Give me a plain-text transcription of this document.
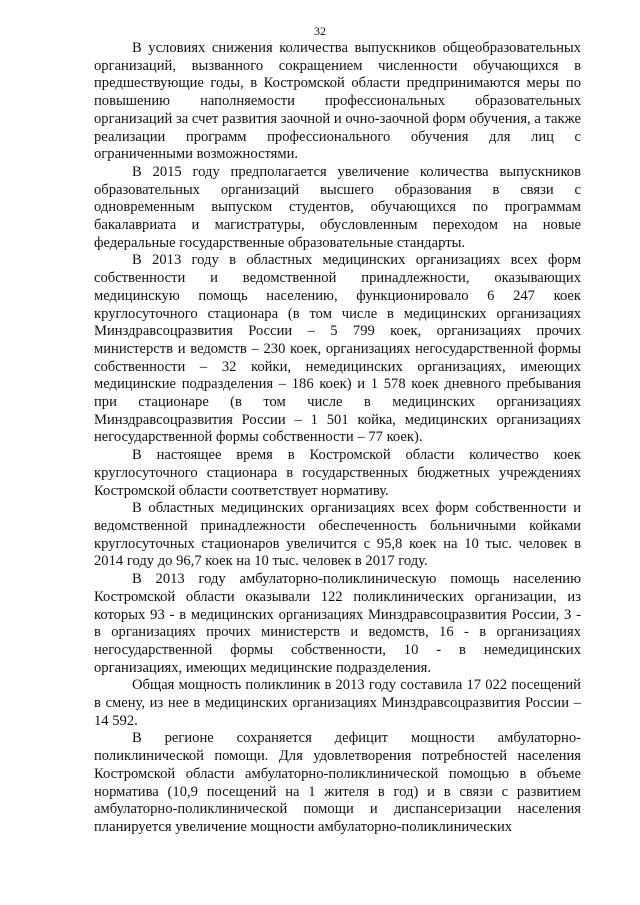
32

В условиях снижения количества выпускников общеобразовательных организаций, вызванного сокращением численности обучающихся в предшествующие годы, в Костромской области предпринимаются меры по повышению наполняемости профессиональных образовательных организаций за счет развития заочной и очно-заочной форм обучения, а также реализации программ профессионального обучения для лиц с ограниченными возможностями.

В 2015 году предполагается увеличение количества выпускников образовательных организаций высшего образования в связи с одновременным выпуском студентов, обучающихся по программам бакалавриата и магистратуры, обусловленным переходом на новые федеральные государственные образовательные стандарты.

В 2013 году в областных медицинских организациях всех форм собственности и ведомственной принадлежности, оказывающих медицинскую помощь населению, функционировало 6 247 коек круглосуточного стационара (в том числе в медицинских организациях Минздравсоцразвития России – 5 799 коек, организациях прочих министерств и ведомств – 230 коек, организациях негосударственной формы собственности – 32 койки, немедицинских организациях, имеющих медицинские подразделения – 186 коек) и 1 578 коек дневного пребывания при стационаре (в том числе в медицинских организациях Минздравсоцразвития России – 1 501 койка, медицинских организациях негосударственной формы собственности – 77 коек).

В настоящее время в Костромской области количество коек круглосуточного стационара в государственных бюджетных учреждениях Костромской области соответствует нормативу.

В областных медицинских организациях всех форм собственности и ведомственной принадлежности обеспеченность больничными койками круглосуточных стационаров увеличится с 95,8 коек на 10 тыс. человек в 2014 году до 96,7 коек на 10 тыс. человек в 2017 году.

В 2013 году амбулаторно-поликлиническую помощь населению Костромской области оказывали 122 поликлинических организации, из которых 93 - в медицинских организациях Минздравсоцразвития России, 3 - в организациях прочих министерств и ведомств, 16 - в организациях негосударственной формы собственности, 10 - в немедицинских организациях, имеющих медицинские подразделения.

Общая мощность поликлиник в 2013 году составила 17 022 посещений в смену, из нее в медицинских организациях Минздравсоцразвития России – 14 592.

В регионе сохраняется дефицит мощности амбулаторно-поликлинической помощи. Для удовлетворения потребностей населения Костромской области амбулаторно-поликлинической помощью в объеме норматива (10,9 посещений на 1 жителя в год) и в связи с развитием амбулаторно-поликлинической помощи и диспансеризации населения планируется увеличение мощности амбулаторно-поликлинических
